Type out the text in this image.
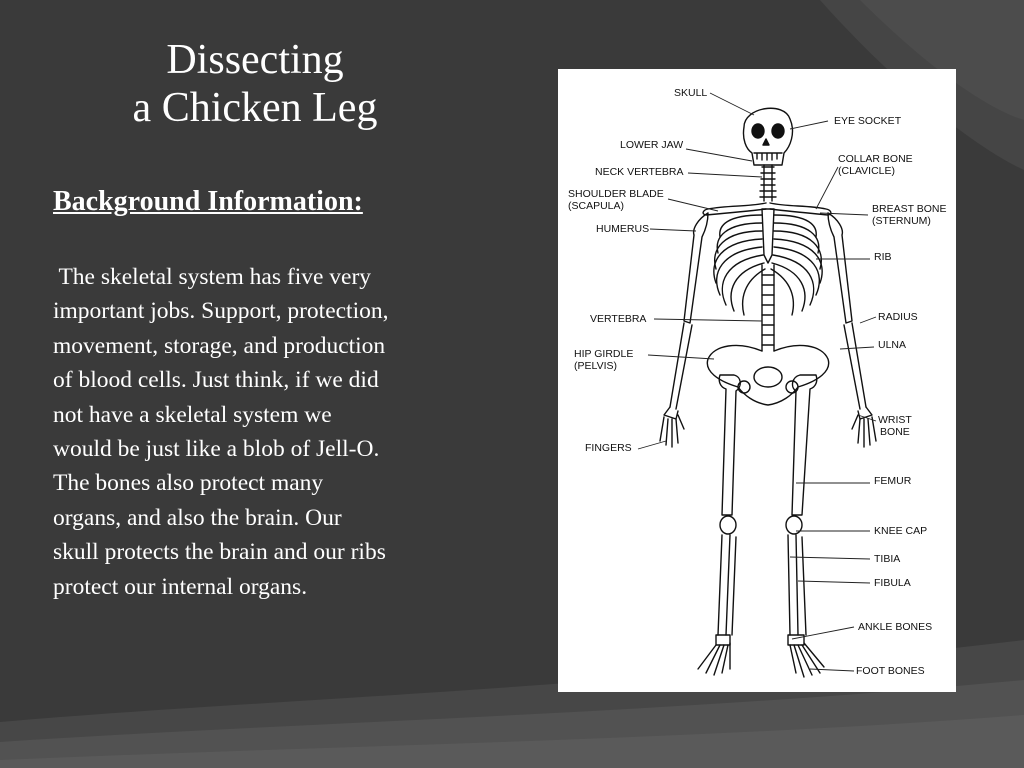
Dissecting
a Chicken Leg
Background Information:
The skeletal system has five very
important jobs. Support, protection,
movement, storage, and production
of blood cells. Just think, if we did
not have a skeletal system we
would be just like a blob of Jell-O.
The bones also protect many
organs, and also the brain. Our
skull protects the brain and our ribs
protect our internal organs.
SKULL
EYE SOCKET
LOWER JAW
COLLAR BONE
(CLAVICLE)
NECK VERTEBRA
SHOULDER BLADE
(SCAPULA)	BREAST BONE
(STERNUM)
HUMERUS
RIB
VERTEBRA	RADIUS
ULNA
HIP GIRDLE
(PELVIS)
WRIST
BONE
FINGERS
FEMUR
KNEE CAP
TIBIA
FIBULA
ANKLE BONES
FOOT BONES
